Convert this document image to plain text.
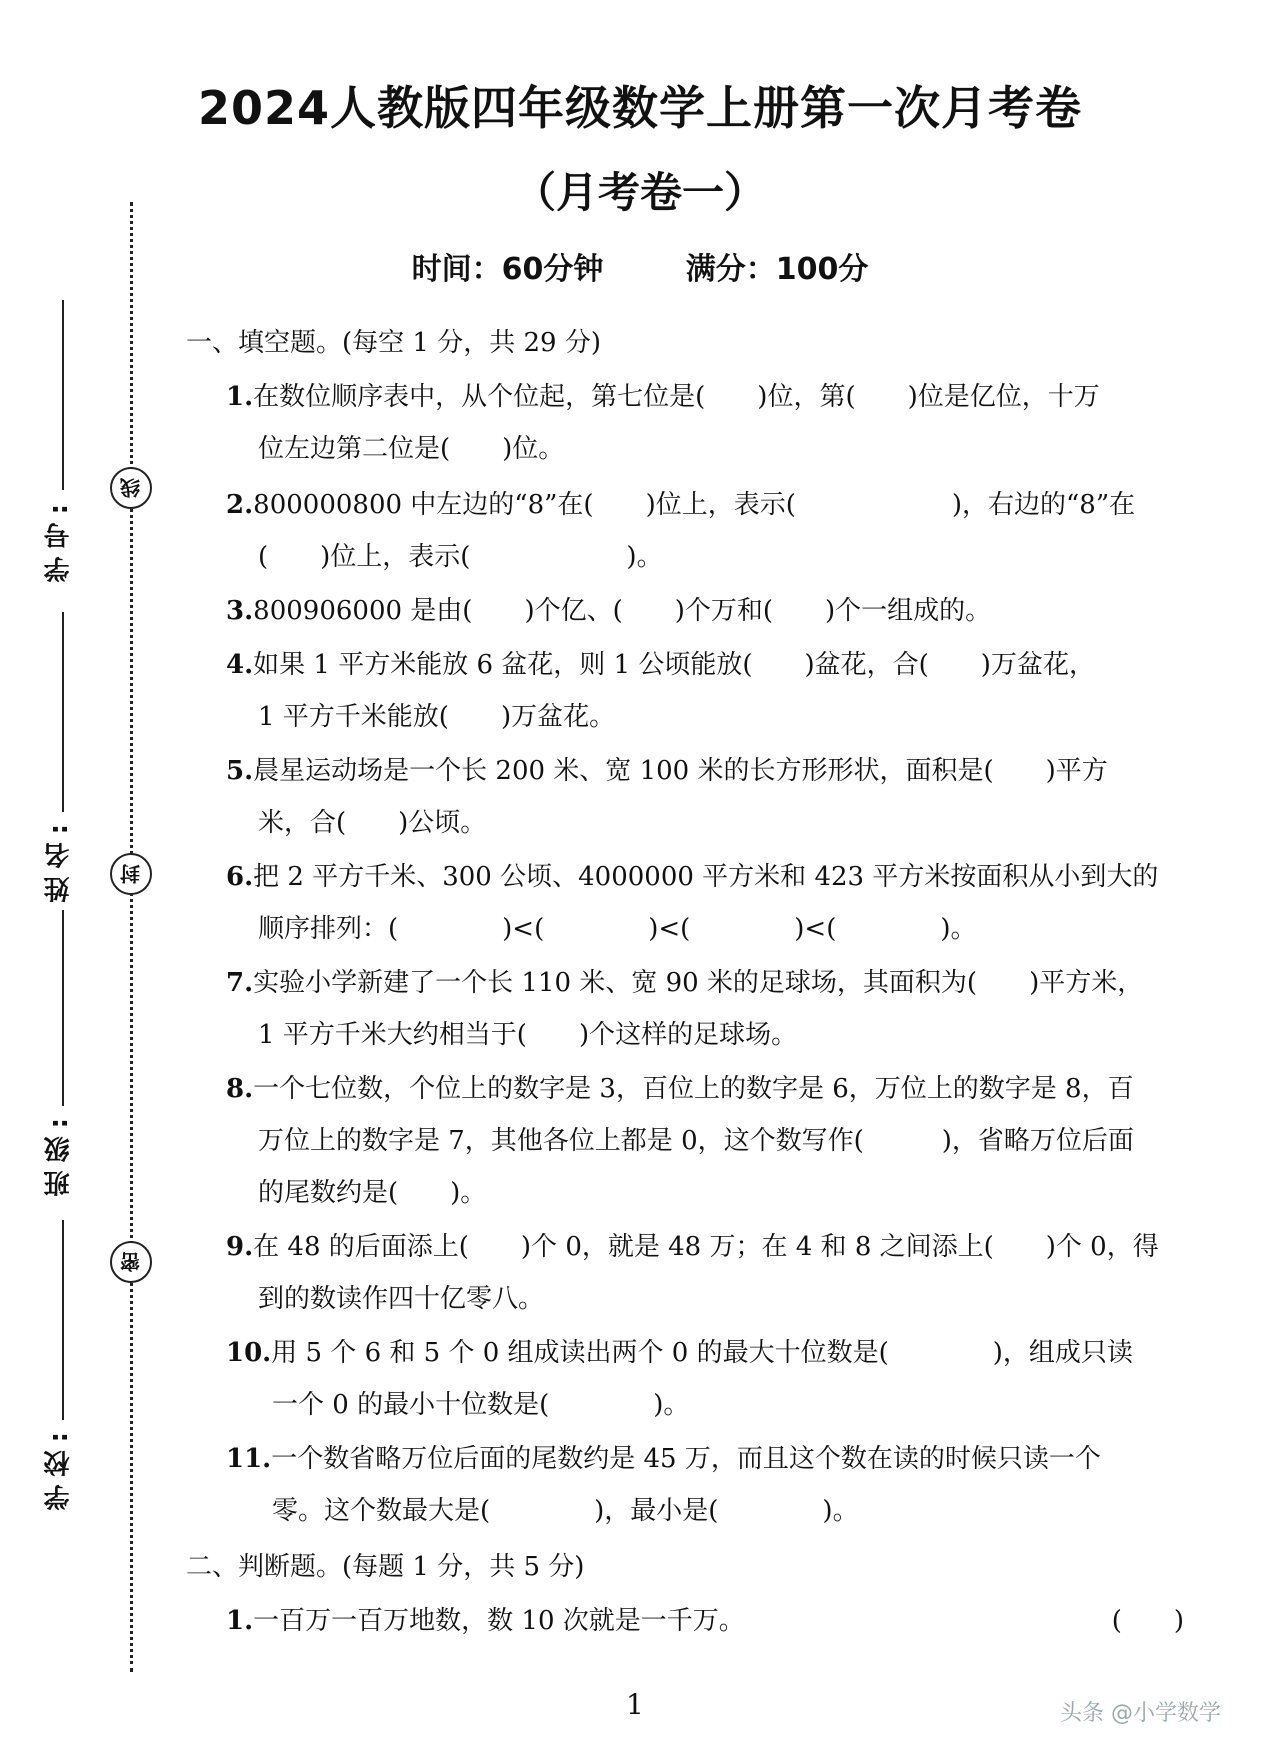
2024人教版四年级数学上册第一次月考卷
（月考卷一）
时间：60分钟	满分：100分
线
封
密
学号:
姓名:
班级:
学校:
一、填空题。(每空 1 分，共 29 分)
1.在数位顺序表中，从个位起，第七位是(　　)位，第(　　)位是亿位，十万
位左边第二位是(　　)位。
2.800000800 中左边的“8”在(　　)位上，表示(　　　　　　)，右边的“8”在
(　　)位上，表示(　　　　　　)。
3.800906000 是由(　　)个亿、(　　)个万和(　　)个一组成的。
4.如果 1 平方米能放 6 盆花，则 1 公顷能放(　　)盆花，合(　　)万盆花，
1 平方千米能放(　　)万盆花。
5.晨星运动场是一个长 200 米、宽 100 米的长方形形状，面积是(　　)平方
米，合(　　)公顷。
6.把 2 平方千米、300 公顷、4000000 平方米和 423 平方米按面积从小到大的
顺序排列：(　　　　)<(　　　　)<(　　　　)<(　　　　)。
7.实验小学新建了一个长 110 米、宽 90 米的足球场，其面积为(　　)平方米，
1 平方千米大约相当于(　　)个这样的足球场。
8.一个七位数，个位上的数字是 3，百位上的数字是 6，万位上的数字是 8，百
万位上的数字是 7，其他各位上都是 0，这个数写作(　　　)，省略万位后面
的尾数约是(　　)。
9.在 48 的后面添上(　　)个 0，就是 48 万；在 4 和 8 之间添上(　　)个 0，得
到的数读作四十亿零八。
10.用 5 个 6 和 5 个 0 组成读出两个 0 的最大十位数是(　　　　)，组成只读
一个 0 的最小十位数是(　　　　)。
11.一个数省略万位后面的尾数约是 45 万，而且这个数在读的时候只读一个
零。这个数最大是(　　　　)，最小是(　　　　)。
二、判断题。(每题 1 分，共 5 分)
1.一百万一百万地数，数 10 次就是一千万。	(　　)
1	头条 @小学数学
